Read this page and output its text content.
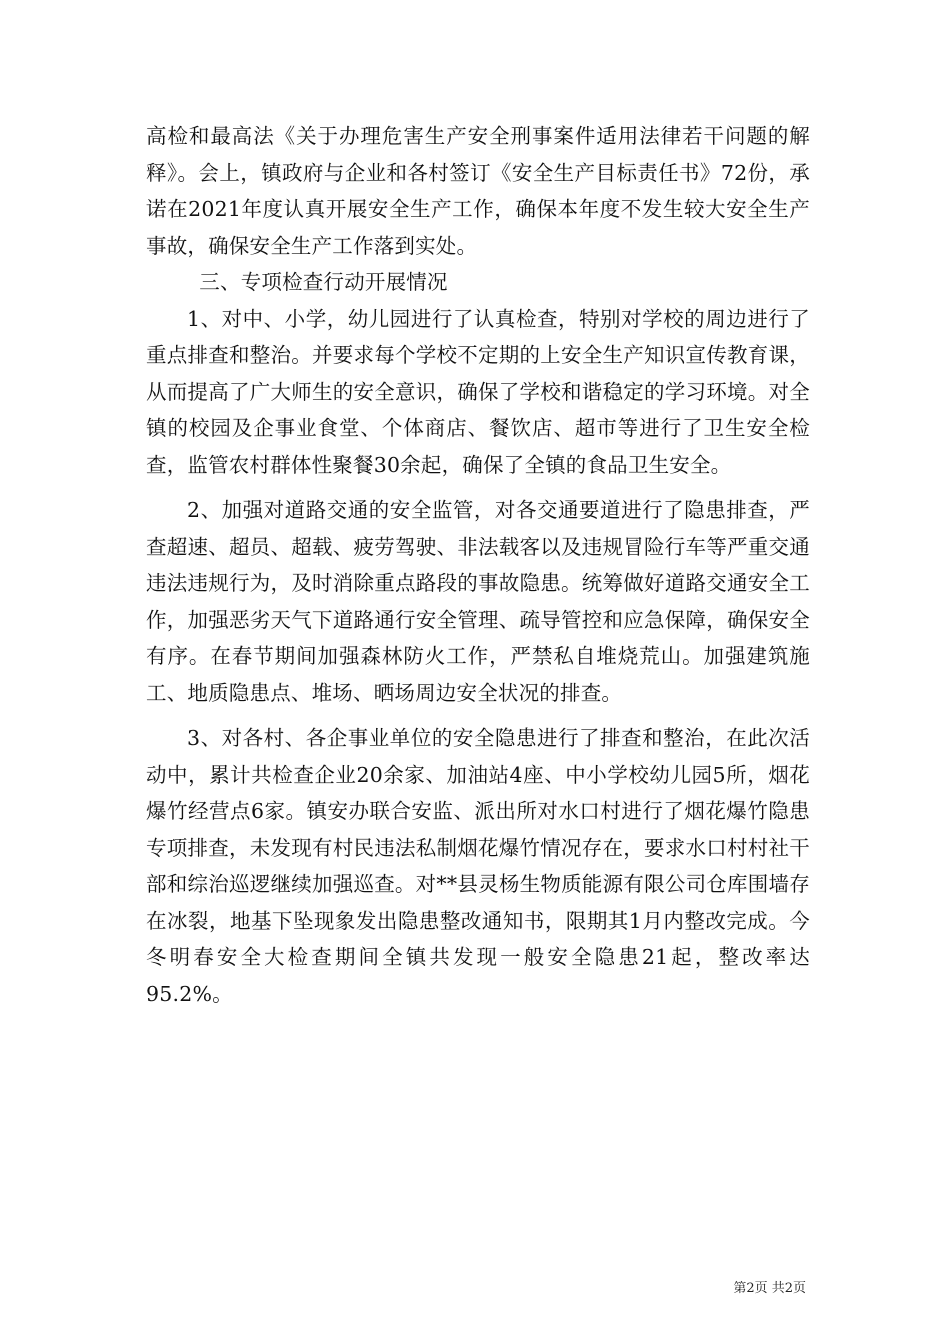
高检和最高法《关于办理危害生产安全刑事案件适用法律若干问题的解释》。会上，镇政府与企业和各村签订《安全生产目标责任书》72份，承诺在2021年度认真开展安全生产工作，确保本年度不发生较大安全生产事故，确保安全生产工作落到实处。

三、专项检查行动开展情况

1、对中、小学，幼儿园进行了认真检查，特别对学校的周边进行了重点排查和整治。并要求每个学校不定期的上安全生产知识宣传教育课，从而提高了广大师生的安全意识，确保了学校和谐稳定的学习环境。对全镇的校园及企事业食堂、个体商店、餐饮店、超市等进行了卫生安全检查，监管农村群体性聚餐30余起，确保了全镇的食品卫生安全。

2、加强对道路交通的安全监管，对各交通要道进行了隐患排查，严查超速、超员、超载、疲劳驾驶、非法载客以及违规冒险行车等严重交通违法违规行为，及时消除重点路段的事故隐患。统筹做好道路交通安全工作，加强恶劣天气下道路通行安全管理、疏导管控和应急保障，确保安全有序。在春节期间加强森林防火工作，严禁私自堆烧荒山。加强建筑施工、地质隐患点、堆场、晒场周边安全状况的排查。

3、对各村、各企事业单位的安全隐患进行了排查和整治，在此次活动中，累计共检查企业20余家、加油站4座、中小学校幼儿园5所，烟花爆竹经营点6家。镇安办联合安监、派出所对水口村进行了烟花爆竹隐患专项排查，未发现有村民违法私制烟花爆竹情况存在，要求水口村村社干部和综治巡逻继续加强巡查。对**县灵杨生物质能源有限公司仓库围墙存在冰裂，地基下坠现象发出隐患整改通知书，限期其1月内整改完成。今冬明春安全大检查期间全镇共发现一般安全隐患21起，整改率达95.2%。

第2页 共2页
